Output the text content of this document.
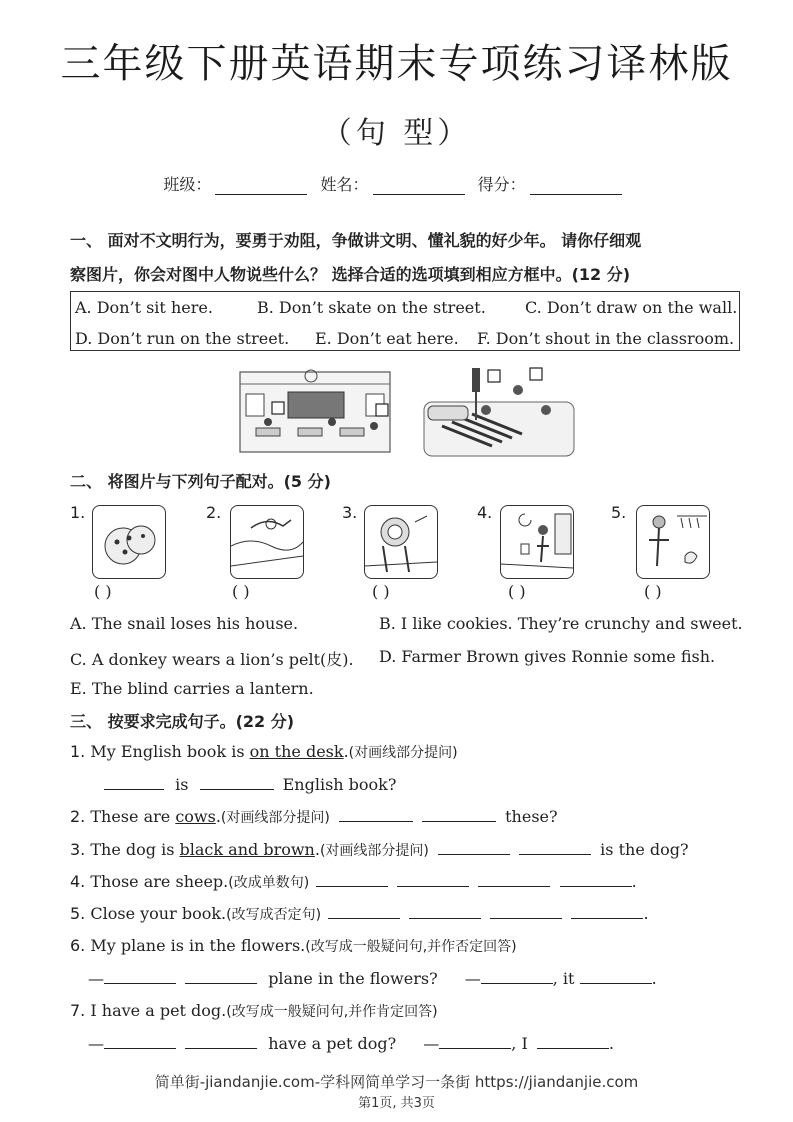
三年级下册英语期末专项练习译林版
（句 型）
班级：	姓名：	得分：
一、 面对不文明行为，要勇于劝阻，争做讲文明、懂礼貌的好少年。 请你仔细观
察图片，你会对图中人物说些什么？ 选择合适的选项填到相应方框中。(12 分)
A. Don’t sit here.	B. Don’t skate on the street. C. Don’t draw on the wall.
D. Don’t run on the street. E. Don’t eat here. F. Don’t shout in the classroom.
二、 将图片与下列句子配对。(5 分)
1.
( )
2.
( )
3.
( )
4.
( )
5.
( )
A. The snail loses his house.	B. I like cookies. They’re crunchy and sweet.
C. A donkey wears a lion’s pelt(皮). D. Farmer Brown gives Ronnie some fish.
E. The blind carries a lantern.
三、 按要求完成句子。(22 分)
1. My English book is on the desk.(对画线部分提问)
is	English book?
2. These are cows.(对画线部分提问)	these?
3. The dog is black and brown.(对画线部分提问)	is the dog?
4. Those are sheep.(改成单数句)	.
5. Close your book.(改写成否定句)	.
6. My plane is in the flowers.(改写成一般疑问句,并作否定回答)
—	plane in the flowers? —	, it	.
7. I have a pet dog.(改写成一般疑问句,并作肯定回答)
—	have a pet dog? —	, I	.
简单街-jiandanjie.com-学科网简单学习一条街 https://jiandanjie.com
第1页, 共3页
